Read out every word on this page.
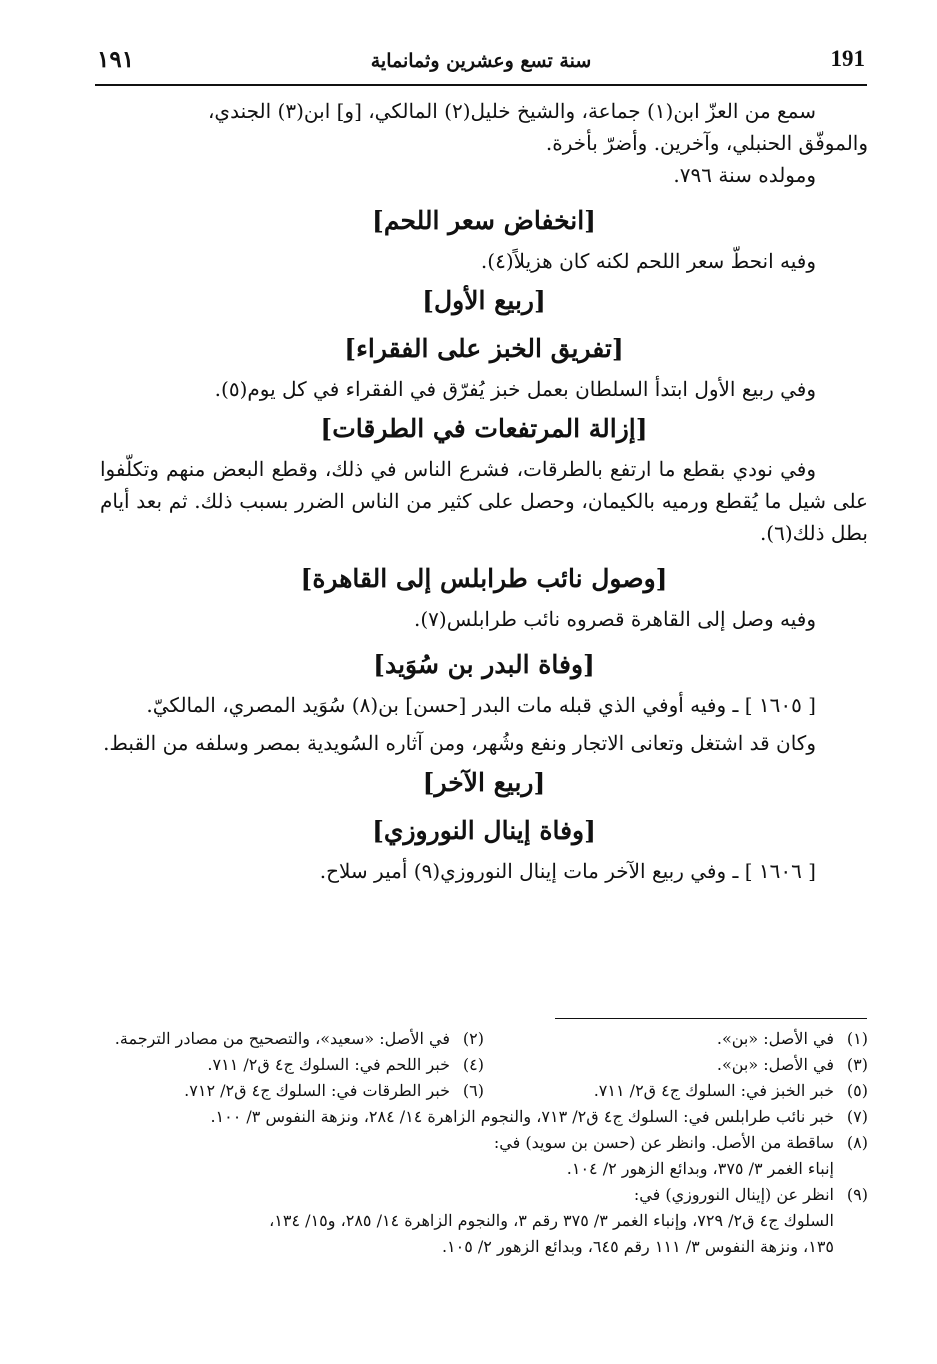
١٩١	سنة تسع وعشرين وثمانماية	191

سمع من العزّ ابن(١) جماعة، والشيخ خليل(٢) المالكي، [و] ابن(٣) الجندي،

والموفّق الحنبلي، وآخرين. وأضرّ بأخرة.

ومولده سنة ٧٩٦.

[انخفاض سعر اللحم]

وفيه انحطّ سعر اللحم لكنه كان هزيلاً(٤).

[ربيع الأول]
[تفريق الخبز على الفقراء]

وفي ربيع الأول ابتدأ السلطان بعمل خبز يُفرّق في الفقراء في كل يوم(٥).

[إزالة المرتفعات في الطرقات]

وفي نودي بقطع ما ارتفع بالطرقات، فشرع الناس في ذلك، وقطع البعض منهم وتكلّفوا على شيل ما يُقطع ورميه بالكيمان، وحصل على كثير من الناس الضرر بسبب ذلك. ثم بعد أيام بطل ذلك(٦).

[وصول نائب طرابلس إلى القاهرة]

وفيه وصل إلى القاهرة قصروه نائب طرابلس(٧).

[وفاة البدر بن سُوَيد]

[ ١٦٠٥ ] ـ وفيه أوفي الذي قبله مات البدر [حسن] بن(٨) سُوَيد المصري، المالكيّ.

وكان قد اشتغل وتعانى الاتجار ونفع وشُهر، ومن آثاره السُويدية بمصر وسلفه من القبط.

[ربيع الآخر]
[وفاة إينال النوروزي]

[ ١٦٠٦ ] ـ وفي ربيع الآخر مات إينال النوروزي(٩) أمير سلاح.

(١)في الأصل: «بن».
(٢)في الأصل: «سعيد»، والتصحيح من مصادر الترجمة.
(٣)في الأصل: «بن».
(٤)خبر اللحم في: السلوك ج٤ ق٢/ ٧١١.
(٥)خبر الخبز في: السلوك ج٤ ق٢/ ٧١١.
(٦)خبر الطرقات في: السلوك ج٤ ق٢/ ٧١٢.
(٧)خبر نائب طرابلس في: السلوك ج٤ ق٢/ ٧١٣، والنجوم الزاهرة ١٤/ ٢٨٤، ونزهة النفوس ٣/ ١٠٠.
(٨)ساقطة من الأصل. وانظر عن (حسن بن سويد) في:
إنباء الغمر ٣/ ٣٧٥، وبدائع الزهور ٢/ ١٠٤.
(٩)انظر عن (إينال النوروزي) في:
السلوك ج٤ ق٢/ ٧٢٩، وإنباء الغمر ٣/ ٣٧٥ رقم ٣، والنجوم الزاهرة ١٤/ ٢٨٥، و١٥/ ١٣٤،
١٣٥، ونزهة النفوس ٣/ ١١١ رقم ٦٤٥، وبدائع الزهور ٢/ ١٠٥.
